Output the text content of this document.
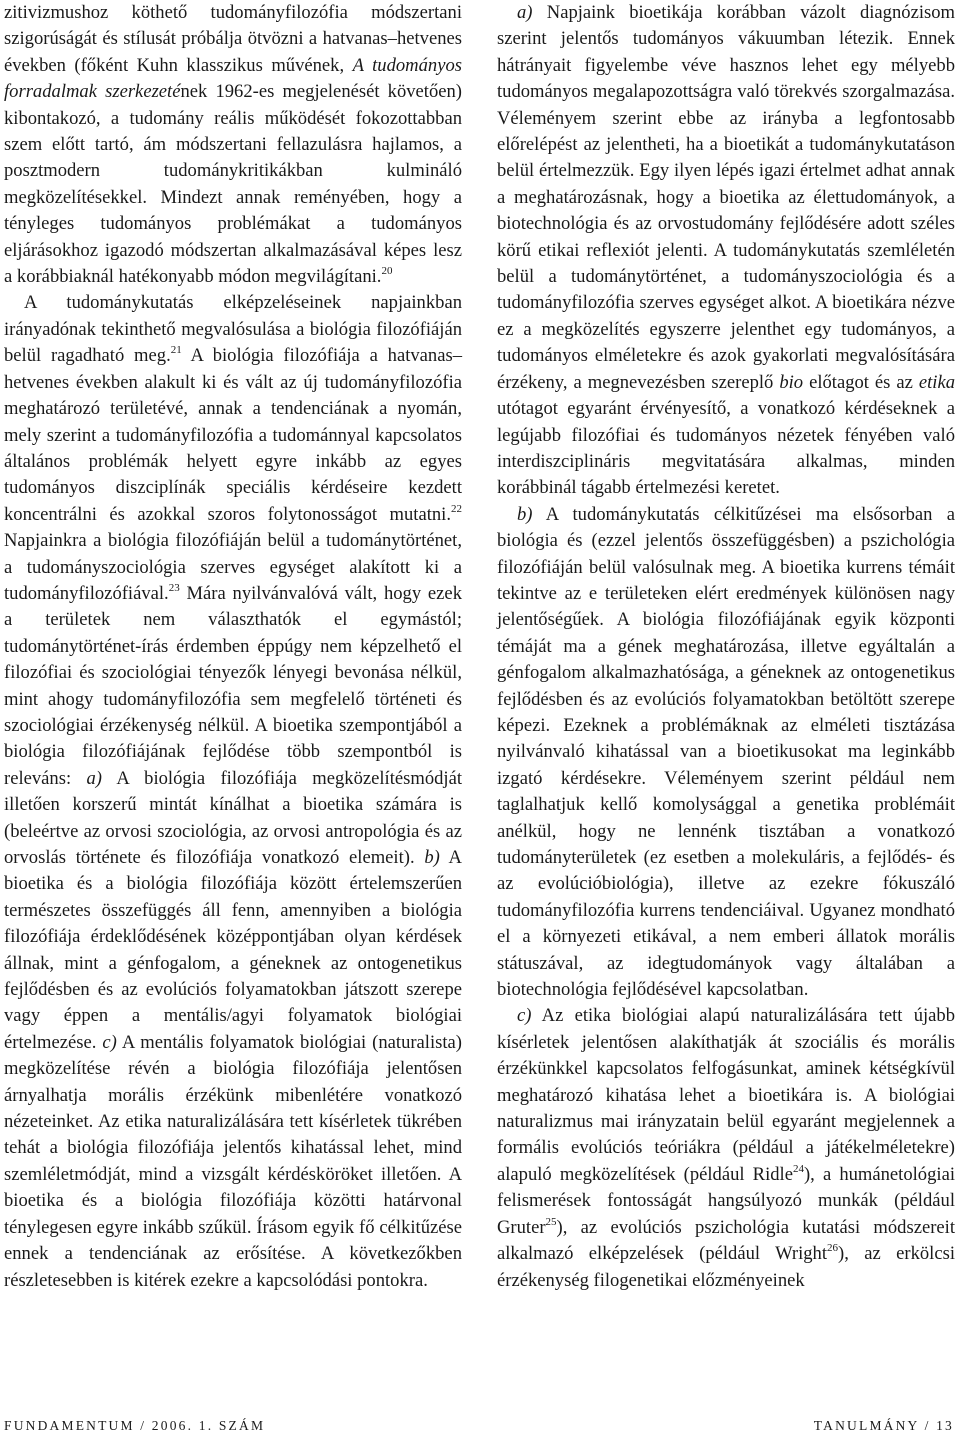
zitivizmushoz köthető tudományfilozófia módszertani szigorúságát és stílusát próbálja ötvözni a hatvanas–hetvenes években (főként Kuhn klasszikus művének, A tudományos forradalmak szerkezetének 1962-es megjelenését követően) kibontakozó, a tudomány reális működését fokozottabban szem előtt tartó, ám módszertani fellazulásra hajlamos, a posztmodern tudománykritikákban kulmináló megközelítésekkel. Mindezt annak reményében, hogy a tényleges tudományos problémákat a tudományos eljárásokhoz igazodó módszertan alkalmazásával képes lesz a korábbiaknál hatékonyabb módon megvilágítani.$^{20}$

A tudománykutatás elképzeléseinek napjainkban irányadónak tekinthető megvalósulása a biológia filozófiáján belül ragadható meg.$^{21}$ A biológia filozófiája a hatvanas–hetvenes években alakult ki és vált az új tudományfilozófia meghatározó területévé, annak a tendenciának a nyomán, mely szerint a tudományfilozófia a tudománnyal kapcsolatos általános problémák helyett egyre inkább az egyes tudományos diszciplínák speciális kérdéseire kezdett koncentrálni és azokkal szoros folytonosságot mutatni.$^{22}$ Napjainkra a biológia filozófiáján belül a tudománytörténet, a tudományszociológia szerves egységet alakított ki a tudományfilozófiával.$^{23}$ Mára nyilvánvalóvá vált, hogy ezek a területek nem választhatók el egymástól; tudománytörténet-írás érdemben éppúgy nem képzelhető el filozófiai és szociológiai tényezők lényegi bevonása nélkül, mint ahogy tudományfilozófia sem megfelelő történeti és szociológiai érzékenység nélkül. A bioetika szempontjából a biológia filozófiájának fejlődése több szempontból is releváns: a) A biológia filozófiája megközelítésmódját illetően korszerű mintát kínálhat a bioetika számára is (beleértve az orvosi szociológia, az orvosi antropológia és az orvoslás története és filozófiája vonatkozó elemeit). b) A bioetika és a biológia filozófiája között értelemszerűen természetes összefüggés áll fenn, amennyiben a biológia filozófiája érdeklődésének középpontjában olyan kérdések állnak, mint a génfogalom, a géneknek az ontogenetikus fejlődésben és az evolúciós folyamatokban játszott szerepe vagy éppen a mentális/agyi folyamatok biológiai értelmezése. c) A mentális folyamatok biológiai (naturalista) megközelítése révén a biológia filozófiája jelentősen árnyalhatja morális érzékünk mibenlétére vonatkozó nézeteinket. Az etika naturalizálására tett kísérletek tükrében tehát a biológia filozófiája jelentős kihatással lehet, mind szemléletmódját, mind a vizsgált kérdésköröket illetően. A bioetika és a biológia filozófiája közötti határvonal ténylegesen egyre inkább szűkül. Írásom egyik fő célkitűzése ennek a tendenciának az erősítése. A következőkben részletesebben is kitérek ezekre a kapcsolódási pontokra.

a) Napjaink bioetikája korábban vázolt diagnózisom szerint jelentős tudományos vákuumban létezik. Ennek hátrányait figyelembe véve hasznos lehet egy mélyebb tudományos megalapozottságra való törekvés szorgalmazása. Véleményem szerint ebbe az irányba a legfontosabb előrelépést az jelentheti, ha a bioetikát a tudománykutatáson belül értelmezzük. Egy ilyen lépés igazi értelmet adhat annak a meghatározásnak, hogy a bioetika az élettudományok, a biotechnológia és az orvostudomány fejlődésére adott széles körű etikai reflexiót jelenti. A tudománykutatás szemléletén belül a tudománytörténet, a tudományszociológia és a tudományfilozófia szerves egységet alkot. A bioetikára nézve ez a megközelítés egyszerre jelenthet egy tudományos, a tudományos elméletekre és azok gyakorlati megvalósítására érzékeny, a megnevezésben szereplő bio előtagot és az etika utótagot egyaránt érvényesítő, a vonatkozó kérdéseknek a legújabb filozófiai és tudományos nézetek fényében való interdiszciplináris megvitatására alkalmas, minden korábbinál tágabb értelmezési keretet.

b) A tudománykutatás célkitűzései ma elsősorban a biológia és (ezzel jelentős összefüggésben) a pszichológia filozófiáján belül valósulnak meg. A bioetika kurrens témáit tekintve az e területeken elért eredmények különösen nagy jelentőségűek. A biológia filozófiájának egyik központi témáját ma a gének meghatározása, illetve egyáltalán a génfogalom alkalmazhatósága, a géneknek az ontogenetikus fejlődésben és az evolúciós folyamatokban betöltött szerepe képezi. Ezeknek a problémáknak az elméleti tisztázása nyilvánvaló kihatással van a bioetikusokat ma leginkább izgató kérdésekre. Véleményem szerint például nem taglalhatjuk kellő komolysággal a genetika problémáit anélkül, hogy ne lennénk tisztában a vonatkozó tudományterületek (ez esetben a molekuláris, a fejlődés- és az evolúcióbiológia), illetve az ezekre fókuszáló tudományfilozófia kurrens tendenciáival. Ugyanez mondható el a környezeti etikával, a nem emberi állatok morális státuszával, az idegtudományok vagy általában a biotechnológia fejlődésével kapcsolatban.

c) Az etika biológiai alapú naturalizálására tett újabb kísérletek jelentősen alakíthatják át szociális és morális érzékünkkel kapcsolatos felfogásunkat, aminek kétségkívül meghatározó kihatása lehet a bioetikára is. A biológiai naturalizmus mai irányzatain belül egyaránt megjelennek a formális evolúciós teóriákra (például a játékelméletekre) alapuló megközelítések (például Ridle$^{24}$), a humánetológiai felismerések fontosságát hangsúlyozó munkák (például Gruter$^{25}$), az evolúciós pszichológia kutatási módszereit alkalmazó elképzelések (például Wright$^{26}$), az erkölcsi érzékenység filogenetikai előzményeinek

FUNDAMENTUM / 2006. 1. SZÁM	TANULMÁNY / 13
